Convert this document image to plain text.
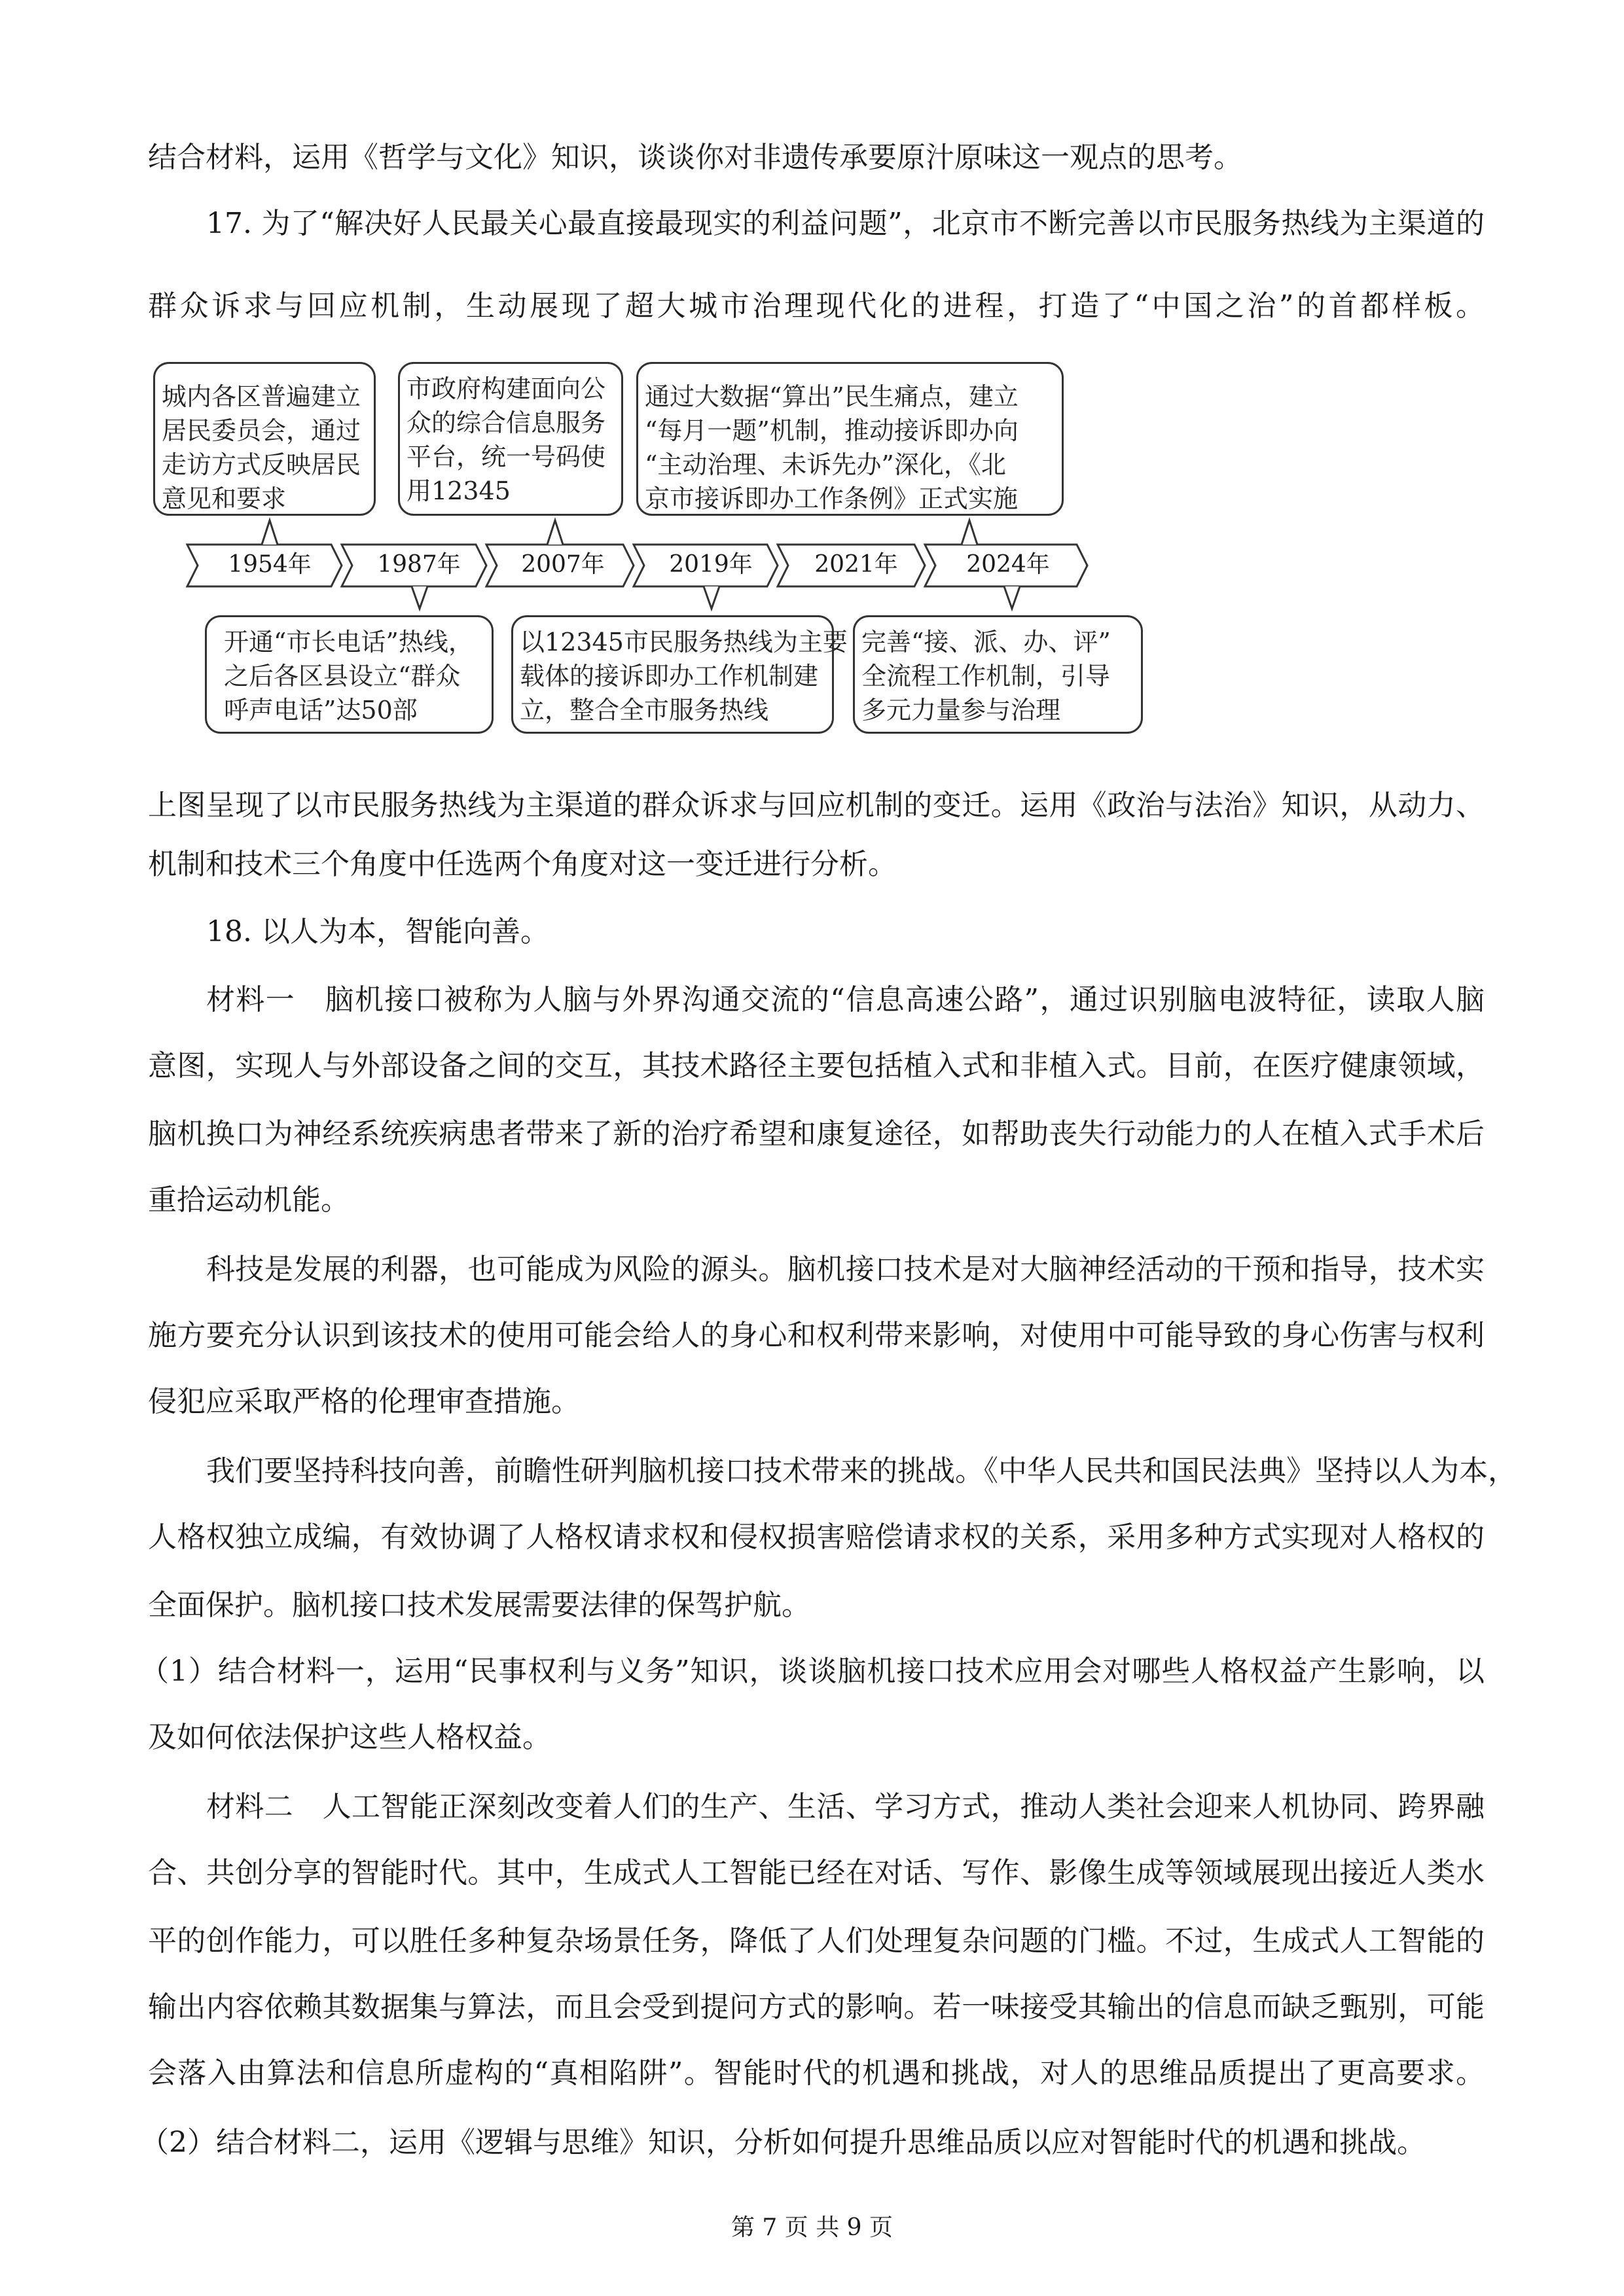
结合材料，运用《哲学与文化》知识，谈谈你对非遗传承要原汁原味这一观点的思考。
17. 为了“解决好人民最关心最直接最现实的利益问题”，北京市不断完善以市民服务热线为主渠道的
群众诉求与回应机制，生动展现了超大城市治理现代化的进程，打造了“中国之治”的首都样板。
1954年	1987年	2007年	2019年	2021年	2024年
城内各区普遍建立
居民委员会，通过
走访方式反映居民
意见和要求
市政府构建面向公
众的综合信息服务
平台，统一号码使
用12345
通过大数据“算出”民生痛点，建立
“每月一题”机制，推动接诉即办向
“主动治理、未诉先办”深化，《北
京市接诉即办工作条例》正式实施
开通“市长电话”热线，
之后各区县设立“群众
呼声电话”达50部
以12345市民服务热线为主要
载体的接诉即办工作机制建
立，整合全市服务热线
完善“接、派、办、评”
全流程工作机制，引导
多元力量参与治理
上图呈现了以市民服务热线为主渠道的群众诉求与回应机制的变迁。运用《政治与法治》知识，从动力、
机制和技术三个角度中任选两个角度对这一变迁进行分析。
18. 以人为本，智能向善。
材料一　脑机接口被称为人脑与外界沟通交流的“信息高速公路”，通过识别脑电波特征，读取人脑
意图，实现人与外部设备之间的交互，其技术路径主要包括植入式和非植入式。目前，在医疗健康领域，
脑机换口为神经系统疾病患者带来了新的治疗希望和康复途径，如帮助丧失行动能力的人在植入式手术后
重拾运动机能。
科技是发展的利器，也可能成为风险的源头。脑机接口技术是对大脑神经活动的干预和指导，技术实
施方要充分认识到该技术的使用可能会给人的身心和权利带来影响，对使用中可能导致的身心伤害与权利
侵犯应采取严格的伦理审查措施。
我们要坚持科技向善，前瞻性研判脑机接口技术带来的挑战。《中华人民共和国民法典》坚持以人为本，
人格权独立成编，有效协调了人格权请求权和侵权损害赔偿请求权的关系，采用多种方式实现对人格权的
全面保护。脑机接口技术发展需要法律的保驾护航。
（1）结合材料一，运用“民事权利与义务”知识，谈谈脑机接口技术应用会对哪些人格权益产生影响，以
及如何依法保护这些人格权益。
材料二　人工智能正深刻改变着人们的生产、生活、学习方式，推动人类社会迎来人机协同、跨界融
合、共创分享的智能时代。其中，生成式人工智能已经在对话、写作、影像生成等领域展现出接近人类水
平的创作能力，可以胜任多种复杂场景任务，降低了人们处理复杂问题的门槛。不过，生成式人工智能的
输出内容依赖其数据集与算法，而且会受到提问方式的影响。若一味接受其输出的信息而缺乏甄别，可能
会落入由算法和信息所虚构的“真相陷阱”。智能时代的机遇和挑战，对人的思维品质提出了更高要求。
（2）结合材料二，运用《逻辑与思维》知识，分析如何提升思维品质以应对智能时代的机遇和挑战。
第 7 页 共 9 页
